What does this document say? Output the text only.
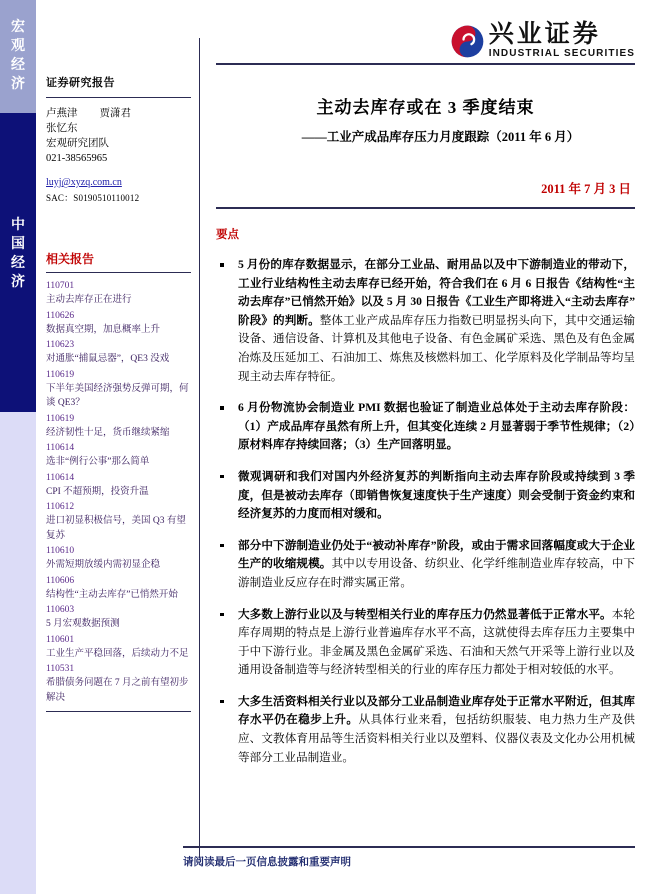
宏
观
经
济
中
国
经
济
证券研究报告
卢燕津 贾潇君
张忆东
宏观研究团队
021-38565965
luyj@xyzq.com.cn
SAC：S0190510110012
相关报告
110701
主动去库存正在进行
110626
数据真空期，加息概率上升
110623
对通胀“捕鼠忌器”，QE3 没戏
110619
下半年美国经济强势反弹可期，何谈 QE3？
110619
经济韧性十足，货币继续紧缩
110614
选非“例行公事”那么简单
110614
CPI 不超预期，投资升温
110612
进口初显积极信号，美国 Q3 有望复苏
110610
外需短期放缓内需初显企稳
110606
结构性“主动去库存”已悄然开始
110603
5 月宏观数据预测
110601
工业生产平稳回落，后续动力不足
110531
希腊债务问题在 7 月之前有望初步解决
兴业证券
INDUSTRIAL SECURITIES
主动去库存或在 3 季度结束
——工业产成品库存压力月度跟踪（2011 年 6 月）
2011 年 7 月 3 日
要点
5 月份的库存数据显示，在部分工业品、耐用品以及中下游制造业的带动下，工业行业结构性主动去库存已经开始，符合我们在 6 月 6 日报告《结构性“主动去库存”已悄然开始》以及 5 月 30 日报告《工业生产即将进入“主动去库存”阶段》的判断。整体工业产成品库存压力指数已明显拐头向下，其中交通运输设备、通信设备、计算机及其他电子设备、有色金属矿采选、黑色及有色金属冶炼及压延加工、石油加工、炼焦及核燃料加工、化学原料及化学制品等均呈现主动去库存特征。
6 月份物流协会制造业 PMI 数据也验证了制造业总体处于主动去库存阶段：（1）产成品库存虽然有所上升，但其变化连续 2 月显著弱于季节性规律；（2）原材料库存持续回落；（3）生产回落明显。
微观调研和我们对国内外经济复苏的判断指向主动去库存阶段或持续到 3 季度，但是被动去库存（即销售恢复速度快于生产速度）则会受制于资金约束和经济复苏的力度而相对缓和。
部分中下游制造业仍处于“被动补库存”阶段，或由于需求回落幅度或大于企业生产的收缩规模。其中以专用设备、纺织业、化学纤维制造业库存较高，中下游制造业反应存在时滞实属正常。
大多数上游行业以及与转型相关行业的库存压力仍然显著低于正常水平。本轮库存周期的特点是上游行业普遍库存水平不高，这就使得去库存压力主要集中于中下游行业。非金属及黑色金属矿采选、石油和天然气开采等上游行业以及通用设备制造等与经济转型相关的行业的库存压力都处于相对较低的水平。
大多生活资料相关行业以及部分工业品制造业库存处于正常水平附近，但其库存水平仍在稳步上升。从具体行业来看，包括纺织服装、电力热力生产及供应、文教体育用品等生活资料相关行业以及塑料、仪器仪表及文化办公用机械等部分工业品制造业。
请阅读最后一页信息披露和重要声明
